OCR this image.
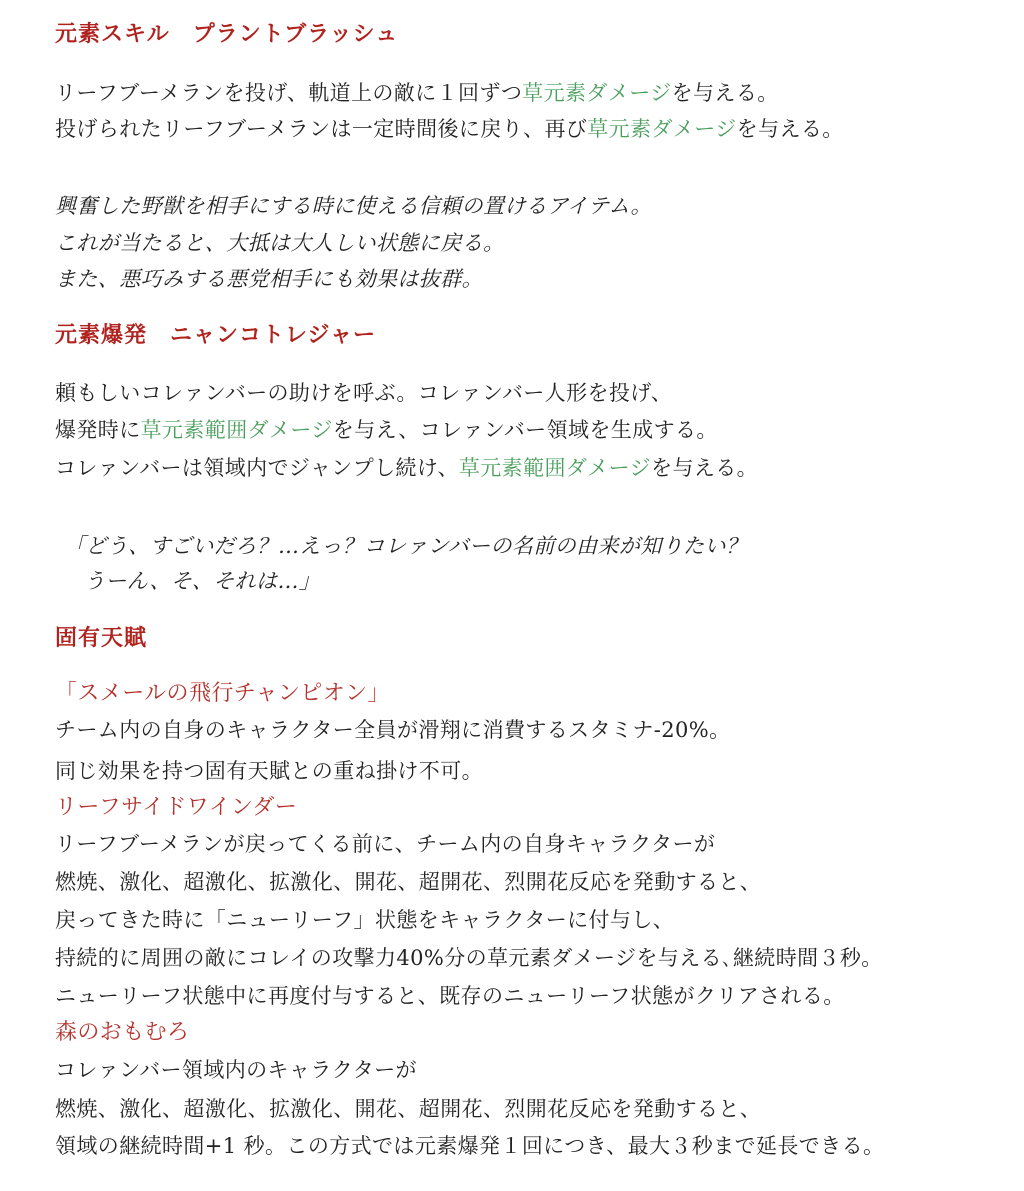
元素スキル　プラントブラッシュ
リーフブーメランを投げ、軌道上の敵に１回ずつ草元素ダメージを与える。
投げられたリーフブーメランは一定時間後に戻り、再び草元素ダメージを与える。
興奮した野獣を相手にする時に使える信頼の置けるアイテム。
これが当たると、大抵は大人しい状態に戻る。
また、悪巧みする悪党相手にも効果は抜群。
元素爆発　ニャンコトレジャー
頼もしいコレァンバーの助けを呼ぶ。コレァンバー人形を投げ、
爆発時に草元素範囲ダメージを与え、コレァンバー領域を生成する。
コレァンバーは領域内でジャンプし続け、草元素範囲ダメージを与える。
「どう、すごいだろ？…えっ？コレァンバーの名前の由来が知りたい？
うーん、そ、それは…」
固有天賦
「スメールの飛行チャンピオン」
チーム内の自身のキャラクター全員が滑翔に消費するスタミナ-20%。
同じ効果を持つ固有天賦との重ね掛け不可。
リーフサイドワインダー
リーフブーメランが戻ってくる前に、チーム内の自身キャラクターが
燃焼、激化、超激化、拡激化、開花、超開花、烈開花反応を発動すると、
戻ってきた時に「ニューリーフ」状態をキャラクターに付与し、
持続的に周囲の敵にコレイの攻撃力40%分の草元素ダメージを与える､継続時間３秒。
ニューリーフ状態中に再度付与すると、既存のニューリーフ状態がクリアされる。
森のおもむろ
コレァンバー領域内のキャラクターが
燃焼、激化、超激化、拡激化、開花、超開花、烈開花反応を発動すると、
領域の継続時間+1 秒。この方式では元素爆発１回につき、最大３秒まで延長できる。
